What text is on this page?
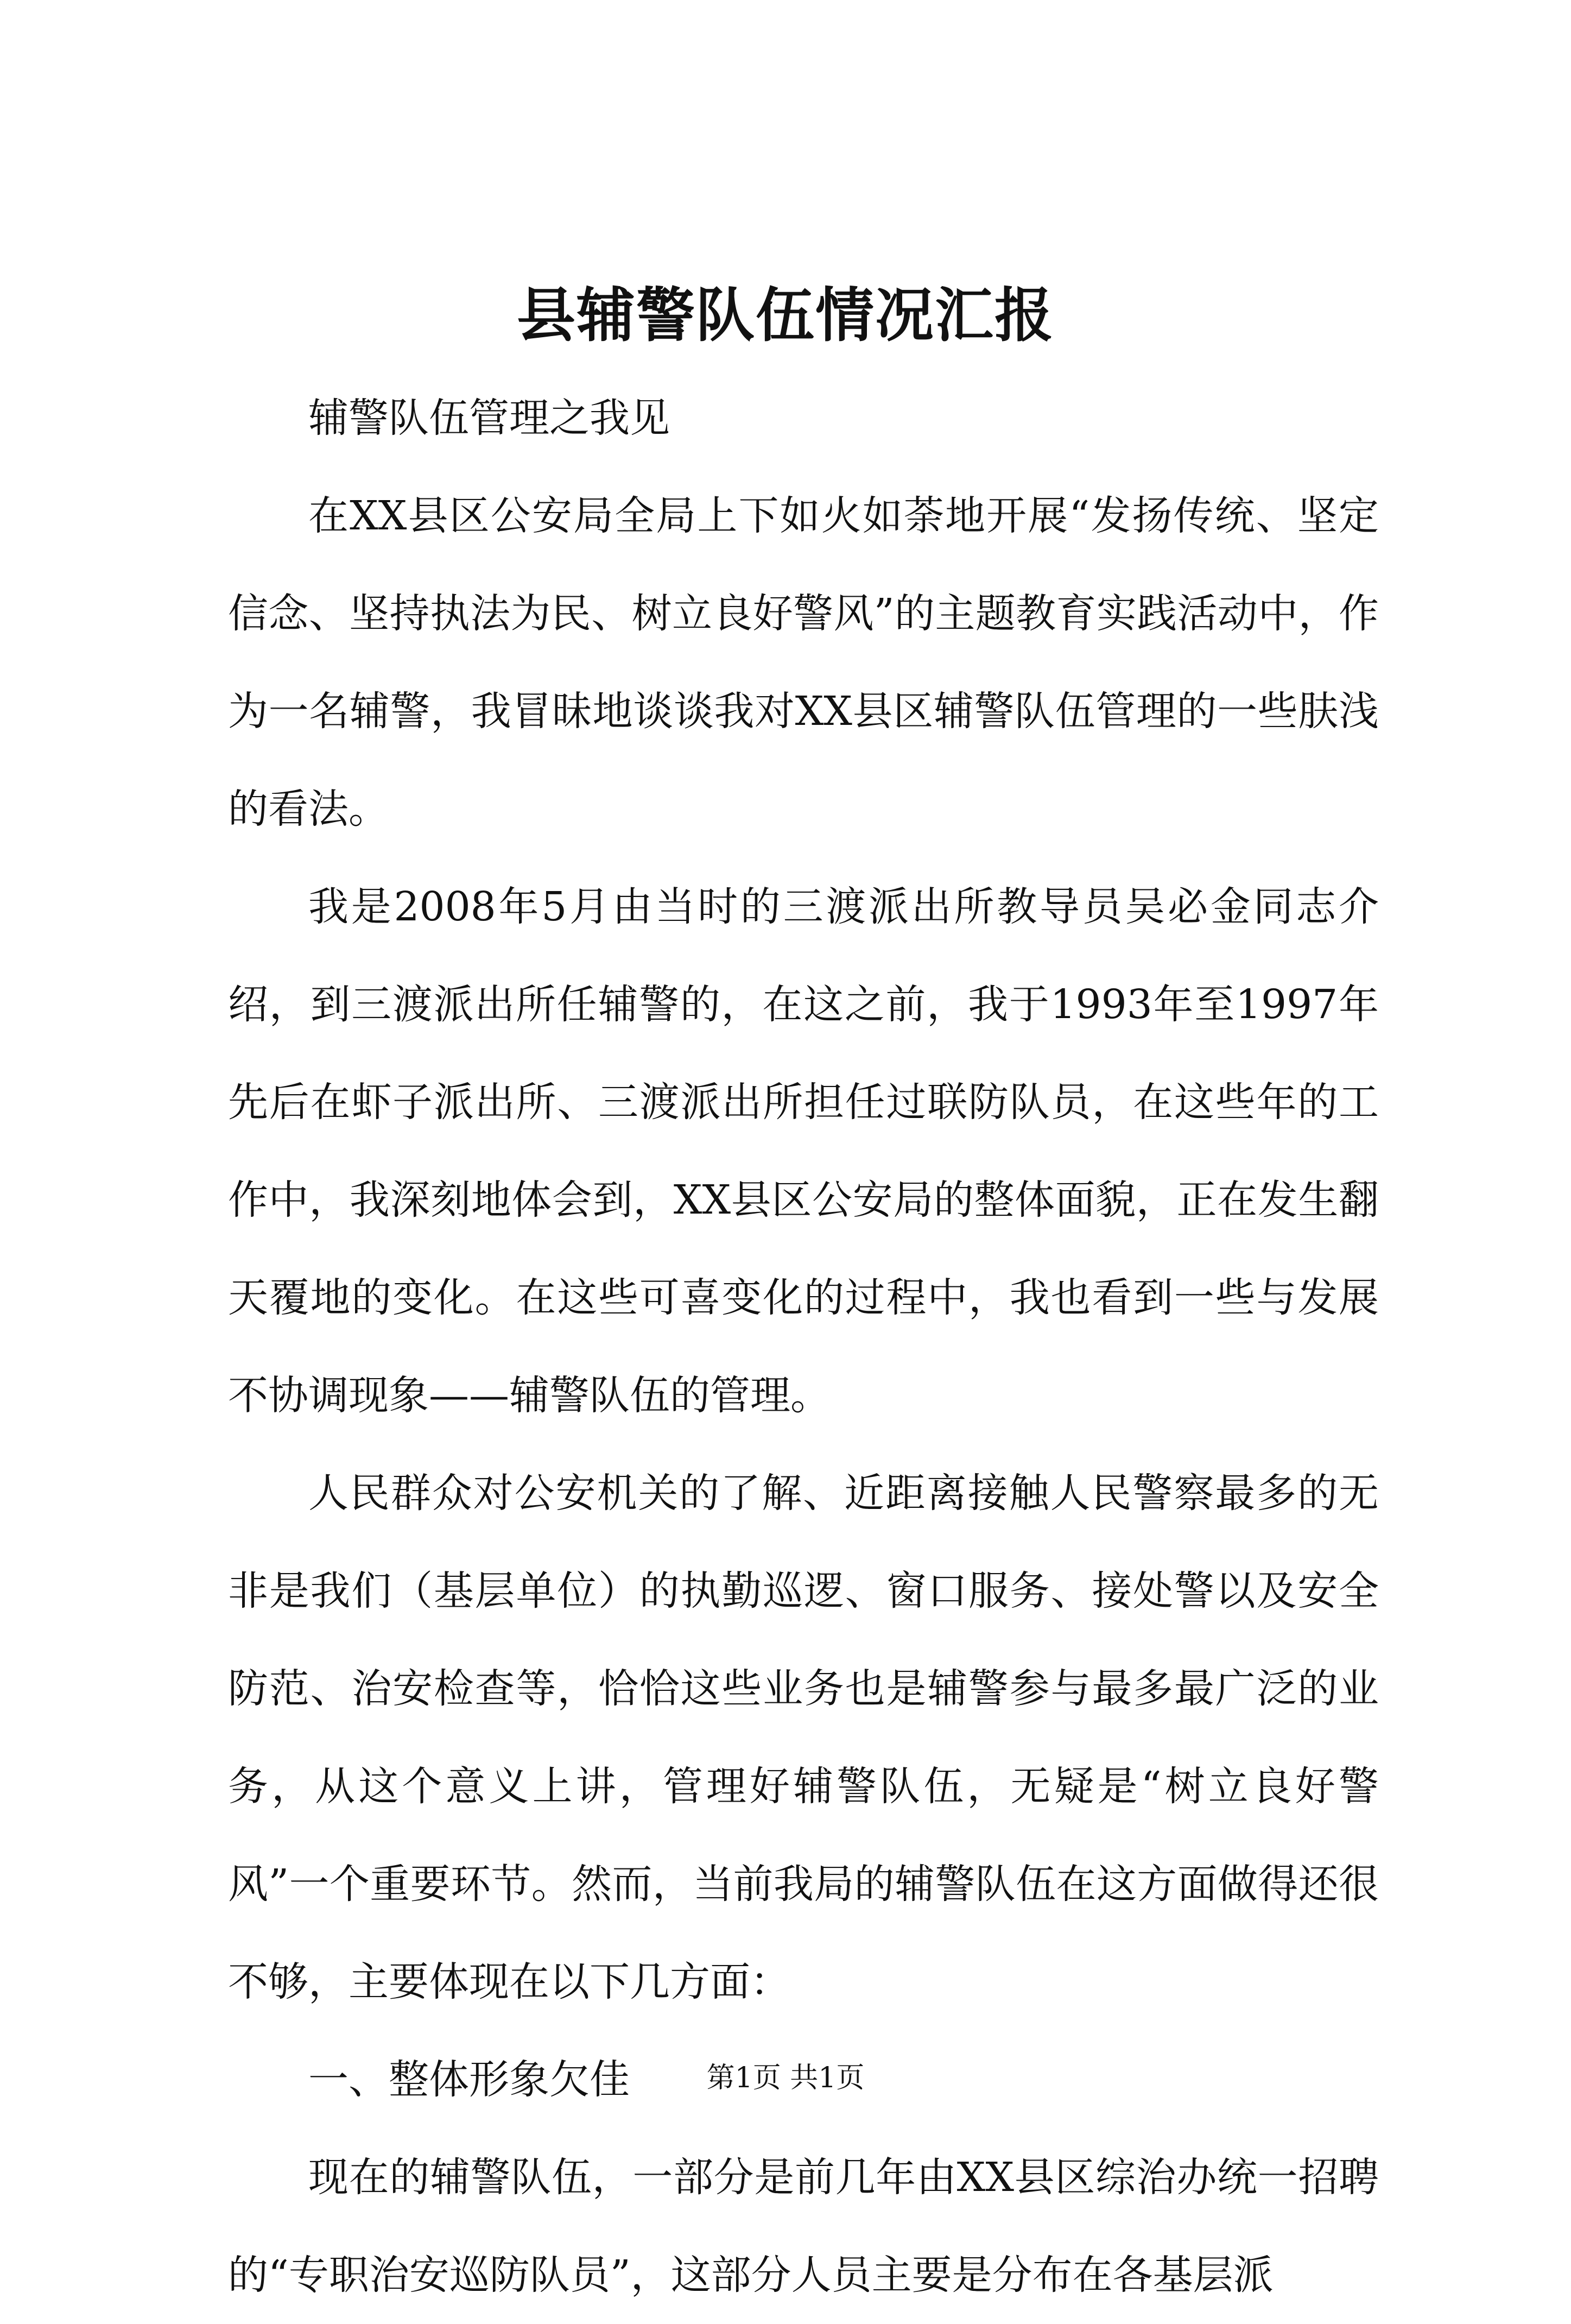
县辅警队伍情况汇报

辅警队伍管理之我见

在XX县区公安局全局上下如火如荼地开展“发扬传统、坚定信念、坚持执法为民、树立良好警风”的主题教育实践活动中，作为一名辅警，我冒昧地谈谈我对XX县区辅警队伍管理的一些肤浅的看法。

我是2008年5月由当时的三渡派出所教导员吴必金同志介绍，到三渡派出所任辅警的，在这之前，我于1993年至1997年先后在虾子派出所、三渡派出所担任过联防队员，在这些年的工作中，我深刻地体会到，XX县区公安局的整体面貌，正在发生翻天覆地的变化。在这些可喜变化的过程中，我也看到一些与发展不协调现象——辅警队伍的管理。

人民群众对公安机关的了解、近距离接触人民警察最多的无非是我们（基层单位）的执勤巡逻、窗口服务、接处警以及安全防范、治安检查等，恰恰这些业务也是辅警参与最多最广泛的业务，从这个意义上讲，管理好辅警队伍，无疑是“树立良好警风”一个重要环节。然而，当前我局的辅警队伍在这方面做得还很不够，主要体现在以下几方面：

一、整体形象欠佳

现在的辅警队伍，一部分是前几年由XX县区综治办统一招聘的“专职治安巡防队员”，这部分人员主要是分布在各基层派

第1页 共1页
